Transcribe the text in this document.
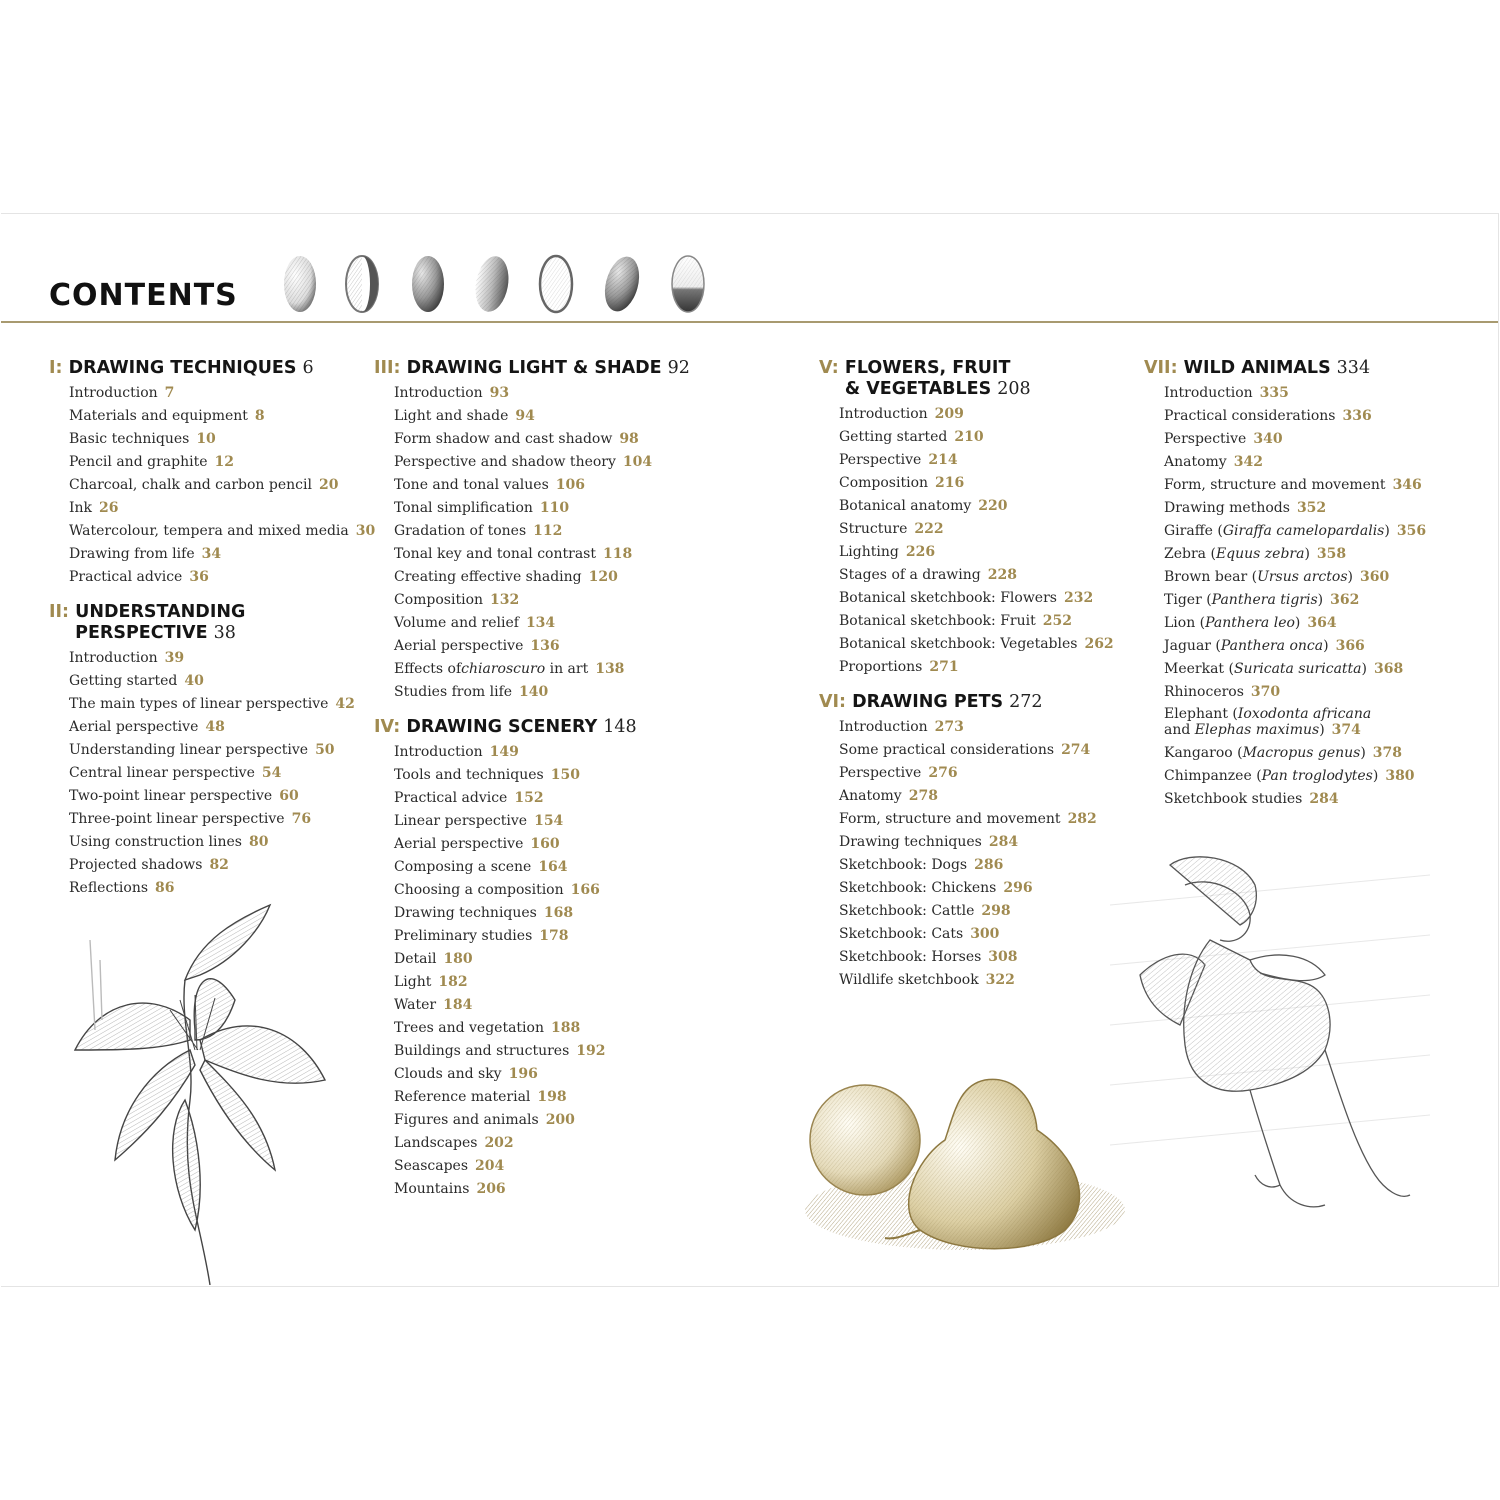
CONTENTS
I: DRAWING TECHNIQUES 6
Introduction 7
Materials and equipment 8
Basic techniques 10
Pencil and graphite 12
Charcoal, chalk and carbon pencil 20
Ink 26
Watercolour, tempera and mixed media 30
Drawing from life 34
Practical advice 36
II: UNDERSTANDING
PERSPECTIVE 38
Introduction 39
Getting started 40
The main types of linear perspective 42
Aerial perspective 48
Understanding linear perspective 50
Central linear perspective 54
Two-point linear perspective 60
Three-point linear perspective 76
Using construction lines 80
Projected shadows 82
Reflections 86
III: DRAWING LIGHT & SHADE 92
Introduction 93
Light and shade 94
Form shadow and cast shadow 98
Perspective and shadow theory 104
Tone and tonal values 106
Tonal simplification 110
Gradation of tones 112
Tonal key and tonal contrast 118
Creating effective shading 120
Composition 132
Volume and relief 134
Aerial perspective 136
Effects ofchiaroscuro in art 138
Studies from life 140
IV: DRAWING SCENERY 148
Introduction 149
Tools and techniques 150
Practical advice 152
Linear perspective 154
Aerial perspective 160
Composing a scene 164
Choosing a composition 166
Drawing techniques 168
Preliminary studies 178
Detail 180
Light 182
Water 184
Trees and vegetation 188
Buildings and structures 192
Clouds and sky 196
Reference material 198
Figures and animals 200
Landscapes 202
Seascapes 204
Mountains 206
V: FLOWERS, FRUIT
& VEGETABLES 208
Introduction 209
Getting started 210
Perspective 214
Composition 216
Botanical anatomy 220
Structure 222
Lighting 226
Stages of a drawing 228
Botanical sketchbook: Flowers 232
Botanical sketchbook: Fruit 252
Botanical sketchbook: Vegetables 262
Proportions 271
VI: DRAWING PETS 272
Introduction 273
Some practical considerations 274
Perspective 276
Anatomy 278
Form, structure and movement 282
Drawing techniques 284
Sketchbook: Dogs 286
Sketchbook: Chickens 296
Sketchbook: Cattle 298
Sketchbook: Cats 300
Sketchbook: Horses 308
Wildlife sketchbook 322
VII: WILD ANIMALS 334
Introduction 335
Practical considerations 336
Perspective 340
Anatomy 342
Form, structure and movement 346
Drawing methods 352
Giraffe (Giraffa camelopardalis) 356
Zebra (Equus zebra) 358
Brown bear (Ursus arctos) 360
Tiger (Panthera tigris) 362
Lion (Panthera leo) 364
Jaguar (Panthera onca) 366
Meerkat (Suricata suricatta) 368
Rhinoceros 370
Elephant (Ioxodonta africana
and Elephas maximus) 374
Kangaroo (Macropus genus) 378
Chimpanzee (Pan troglodytes) 380
Sketchbook studies 284
